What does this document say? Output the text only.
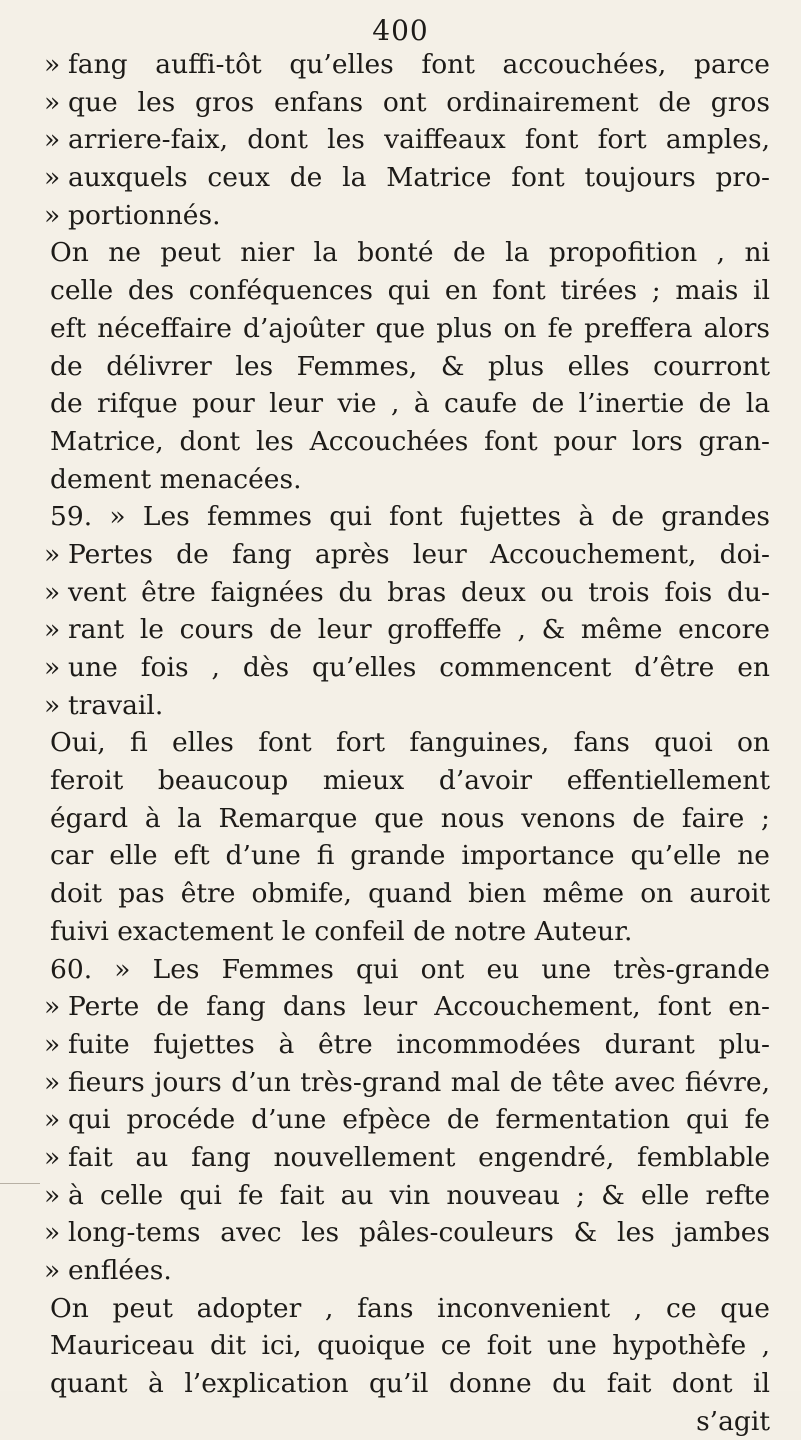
400
» fang auffi-tôt qu’elles font accouchées, parce
» que les gros enfans ont ordinairement de gros
» arriere-faix, dont les vaiffeaux font fort amples,
» auxquels ceux de la Matrice font toujours pro-
» portionnés.
On ne peut nier la bonté de la propofition , ni
celle des conféquences qui en font tirées ; mais il
eft néceffaire d’ajoûter que plus on fe preffera alors
de délivrer les Femmes, & plus elles courront
de rifque pour leur vie , à caufe de l’inertie de la
Matrice, dont les Accouchées font pour lors gran-
dement menacées.
59. » Les femmes qui font fujettes à de grandes
» Pertes de fang après leur Accouchement, doi-
» vent être faignées du bras deux ou trois fois du-
» rant le cours de leur groffeffe , & même encore
» une fois , dès qu’elles commencent d’être en
» travail.
Oui, fi elles font fort fanguines, fans quoi on
feroit beaucoup mieux d’avoir effentiellement
égard à la Remarque que nous venons de faire ;
car elle eft d’une fi grande importance qu’elle ne
doit pas être obmife, quand bien même on auroit
fuivi exactement le confeil de notre Auteur.
60. » Les Femmes qui ont eu une très-grande
» Perte de fang dans leur Accouchement, font en-
» fuite fujettes à être incommodées durant plu-
» fieurs jours d’un très-grand mal de tête avec fiévre,
» qui procéde d’une efpèce de fermentation qui fe
» fait au fang nouvellement engendré, femblable
» à celle qui fe fait au vin nouveau ; & elle refte
» long-tems avec les pâles-couleurs & les jambes
» enflées.
On peut adopter , fans inconvenient , ce que
Mauriceau dit ici, quoique ce foit une hypothèfe ,
quant à l’explication qu’il donne du fait dont il
s’agit
